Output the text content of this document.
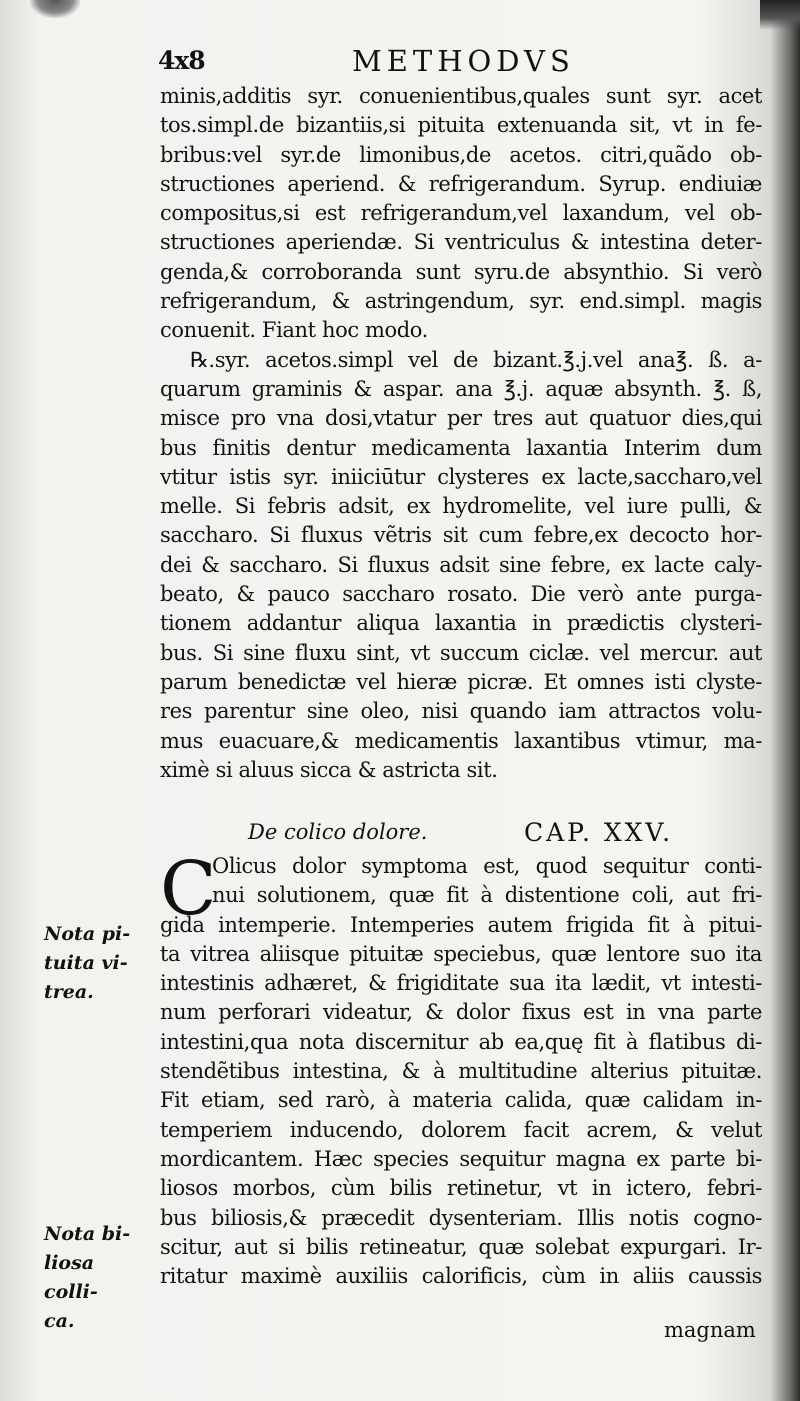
4x8	METHODVS
minis,additis syr. conuenientibus,quales sunt syr. acet
tos.simpl.de bizantiis,si pituita extenuanda sit, vt in fe-
bribus:vel syr.de limonibus,de acetos. citri,quãdo ob-
structiones aperiend. & refrigerandum. Syrup. endiuiæ
compositus,si est refrigerandum,vel laxandum, vel ob-
structiones aperiendæ. Si ventriculus & intestina deter-
genda,& corroboranda sunt syru.de absynthio. Si verò
refrigerandum, & astringendum, syr. end.simpl. magis
conuenit. Fiant hoc modo.
℞.syr. acetos.simpl vel de bizant.℥.j.vel ana℥. ß. a-
quarum graminis & aspar. ana ℥.j. aquæ absynth. ℥. ß,
misce pro vna dosi,vtatur per tres aut quatuor dies,qui
bus finitis dentur medicamenta laxantia Interim dum
vtitur istis syr. iniiciūtur clysteres ex lacte,saccharo,vel
melle. Si febris adsit, ex hydromelite, vel iure pulli, &
saccharo. Si fluxus vẽtris sit cum febre,ex decocto hor-
dei & saccharo. Si fluxus adsit sine febre, ex lacte caly-
beato, & pauco saccharo rosato. Die verò ante purga-
tionem addantur aliqua laxantia in prædictis clysteri-
bus. Si sine fluxu sint, vt succum ciclæ. vel mercur. aut
parum benedictæ vel hieræ picræ. Et omnes isti clyste-
res parentur sine oleo, nisi quando iam attractos volu-
mus euacuare,& medicamentis laxantibus vtimur, ma-
ximè si aluus sicca & astricta sit.
De colico dolore.	CAP. XXV.
C
Olicus dolor symptoma est, quod sequitur conti-
nui solutionem, quæ fit à distentione coli, aut fri-
gida intemperie. Intemperies autem frigida fit à pitui-
ta vitrea aliisque pituitæ speciebus, quæ lentore suo ita
intestinis adhæret, & frigiditate sua ita lædit, vt intesti-
num perforari videatur, & dolor fixus est in vna parte
intestini,qua nota discernitur ab ea,quę fit à flatibus di-
stendẽtibus intestina, & à multitudine alterius pituitæ.
Fit etiam, sed rarò, à materia calida, quæ calidam in-
temperiem inducendo, dolorem facit acrem, & velut
mordicantem. Hæc species sequitur magna ex parte bi-
liosos morbos, cùm bilis retinetur, vt in ictero, febri-
bus biliosis,& præcedit dysenteriam. Illis notis cogno-
scitur, aut si bilis retineatur, quæ solebat expurgari. Ir-
ritatur maximè auxiliis calorificis, cùm in aliis caussis
magnam
Nota pi-
tuita vi-
trea.
Nota bi-
liosa colli-
ca.
